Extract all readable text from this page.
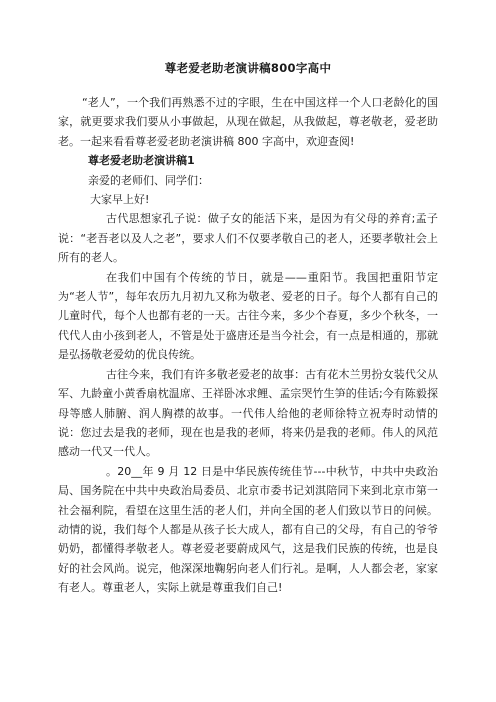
尊老爱老助老演讲稿800字高中

“老人”，一个我们再熟悉不过的字眼，生在中国这样一个人口老龄化的国家，就更要求我们要从小事做起，从现在做起，从我做起，尊老敬老，爱老助老。一起来看看尊老爱老助老演讲稿 800 字高中，欢迎查阅!

尊老爱老助老演讲稿1

亲爱的老师们、同学们：

大家早上好!

古代思想家孔子说：做子女的能活下来，是因为有父母的养育;孟子说：“老吾老以及人之老”，要求人们不仅要孝敬自己的老人，还要孝敬社会上所有的老人。

在我们中国有个传统的节日，就是——重阳节。我国把重阳节定为“老人节”，每年农历九月初九又称为敬老、爱老的日子。每个人都有自己的儿童时代，每个人也都有老的一天。古往今来，多少个春夏，多少个秋冬，一代代人由小孩到老人，不管是处于盛唐还是当今社会，有一点是相通的，那就是弘扬敬老爱幼的优良传统。

古往今来，我们有许多敬老爱老的故事：古有花木兰男扮女装代父从军、九龄童小黄香扇枕温席、王祥卧冰求鲤、孟宗哭竹生笋的佳话;今有陈毅探母等感人肺腑、润人胸襟的故事。一代伟人给他的老师徐特立祝寿时动情的说：您过去是我的老师，现在也是我的老师，将来仍是我的老师。伟人的风范感动一代又一代人。

。20__年 9 月 12 日是中华民族传统佳节---中秋节，中共中央政治局、国务院在中共中央政治局委员、北京市委书记刘淇陪同下来到北京市第一社会福利院，看望在这里生活的老人们，并向全国的老人们致以节日的问候。动情的说，我们每个人都是从孩子长大成人，都有自己的父母，有自己的爷爷奶奶，都懂得孝敬老人。尊老爱老要蔚成风气，这是我们民族的传统，也是良好的社会风尚。说完，他深深地鞠躬向老人们行礼。是啊，人人都会老，家家有老人。尊重老人，实际上就是尊重我们自己!
